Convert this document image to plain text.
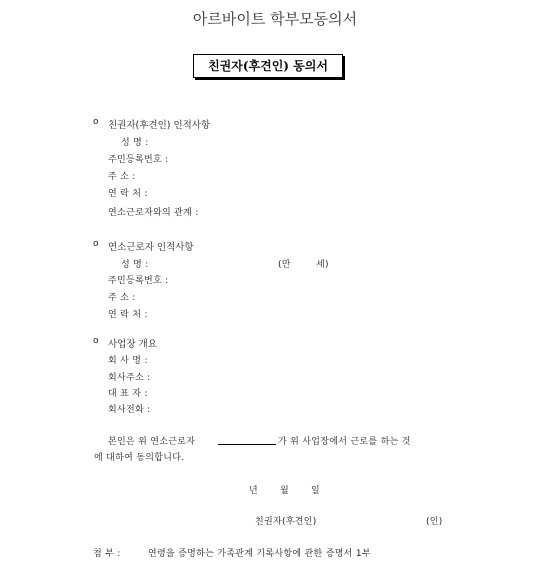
아르바이트 학부모동의서
친권자(후견인) 동의서
o 친권자(후견인) 인적사항
성 명 :
주민등록번호 :
주 소 :
연 락 처 :
연소근로자와의 관계 :
o 연소근로자 인적사항
성 명 :	(만	세)
주민등록번호 :
주 소 :
연 락 처 :
o 사업장 개요
회 사 명 :
회사주소 :
대 표 자 :
회사전화 :
본인은 위 연소근로자	가 위 사업장에서 근로를 하는 것
에 대하여 동의합니다.
년 월 일
친권자(후견인)	(인)
첨 부 :	연령을 증명하는 가족관계 기록사항에 관한 증명서 1부
